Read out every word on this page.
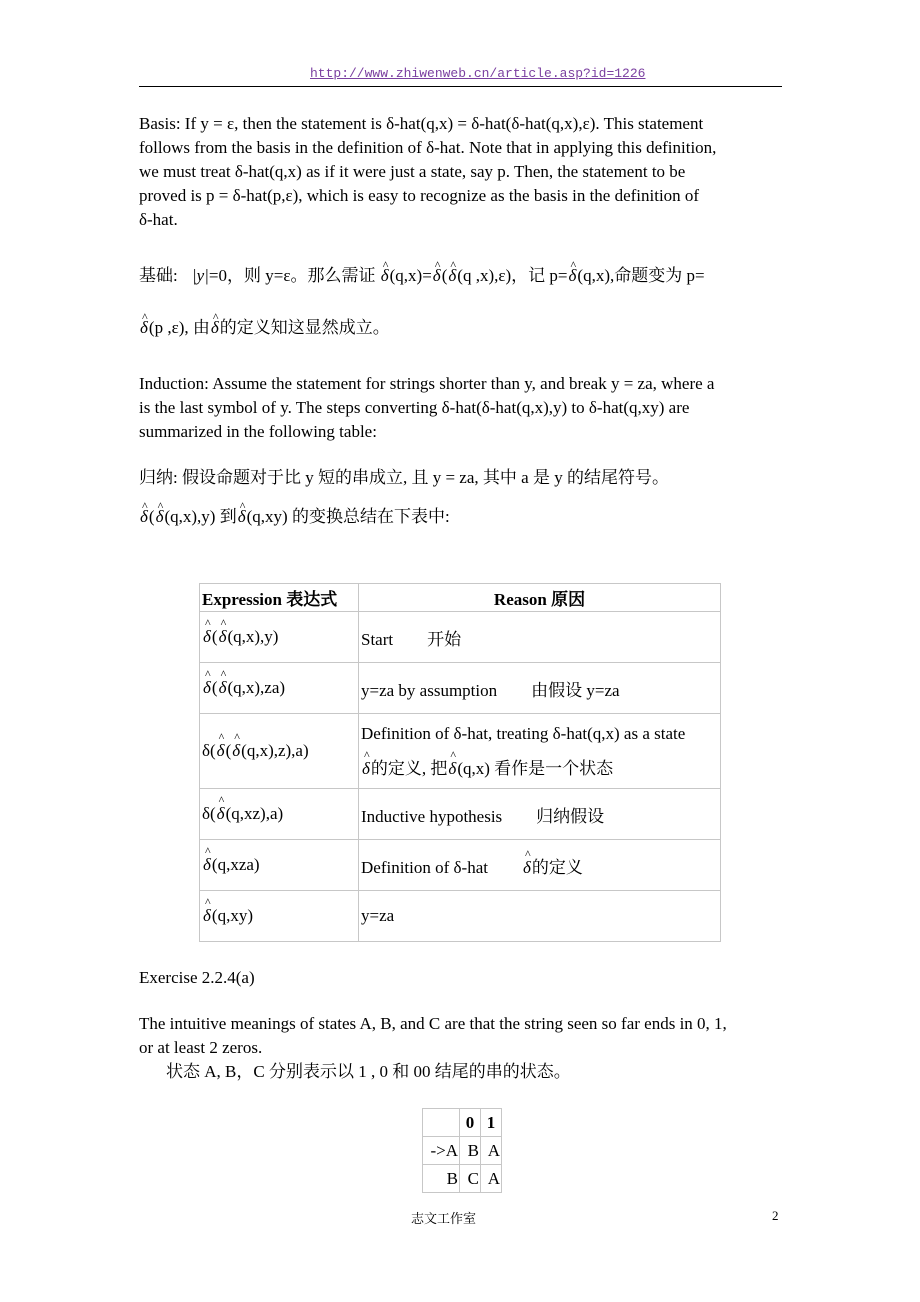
http://www.zhiwenweb.cn/article.asp?id=1226
Basis: If y = ε, then the statement is δ-hat(q,x) = δ-hat(δ-hat(q,x),ε). This statement
follows from the basis in the definition of δ-hat. Note that in applying this definition,
we must treat δ-hat(q,x) as if it were just a state, say p. Then, the statement to be
proved is p = δ-hat(p,ε), which is easy to recognize as the basis in the definition of
δ-hat.
基础: |y|=0，则 y=ε。那么需证 ^ δ(q,x)=^ δ(^ δ(q ,x),ε)，记 p=^ δ(q,x),命题变为 p=
^ δ(p ,ε), 由^ δ的定义知这显然成立。
Induction: Assume the statement for strings shorter than y, and break y = za, where a
is the last symbol of y. The steps converting δ-hat(δ-hat(q,x),y) to δ-hat(q,xy) are
summarized in the following table:
归纳: 假设命题对于比 y 短的串成立, 且 y = za, 其中 a 是 y 的结尾符号。
^ δ(^ δ(q,x),y) 到^ δ(q,xy) 的变换总结在下表中:
Expression 表达式	Reason 原因
^ δ(^ δ(q,x),y)	Start 开始
^ δ(^ δ(q,x),za)	y=za by assumption 由假设 y=za
δ(^ δ(^ δ(q,x),z),a)	Definition of δ-hat, treating δ-hat(q,x) as a state
^ δ的定义, 把^ δ(q,x) 看作是一个状态

δ(^ δ(q,xz),a)	Inductive hypothesis 归纳假设
^ δ(q,xza)	Definition of δ-hat ^ δ的定义
^ δ(q,xy)	y=za
Exercise 2.2.4(a)
The intuitive meanings of states A, B, and C are that the string seen so far ends in 0, 1,
or at least 2 zeros.
状态 A, B，C 分别表示以 1 , 0 和 00 结尾的串的状态。
	0	1
->A	B	A
B	C	A
志文工作室	2
